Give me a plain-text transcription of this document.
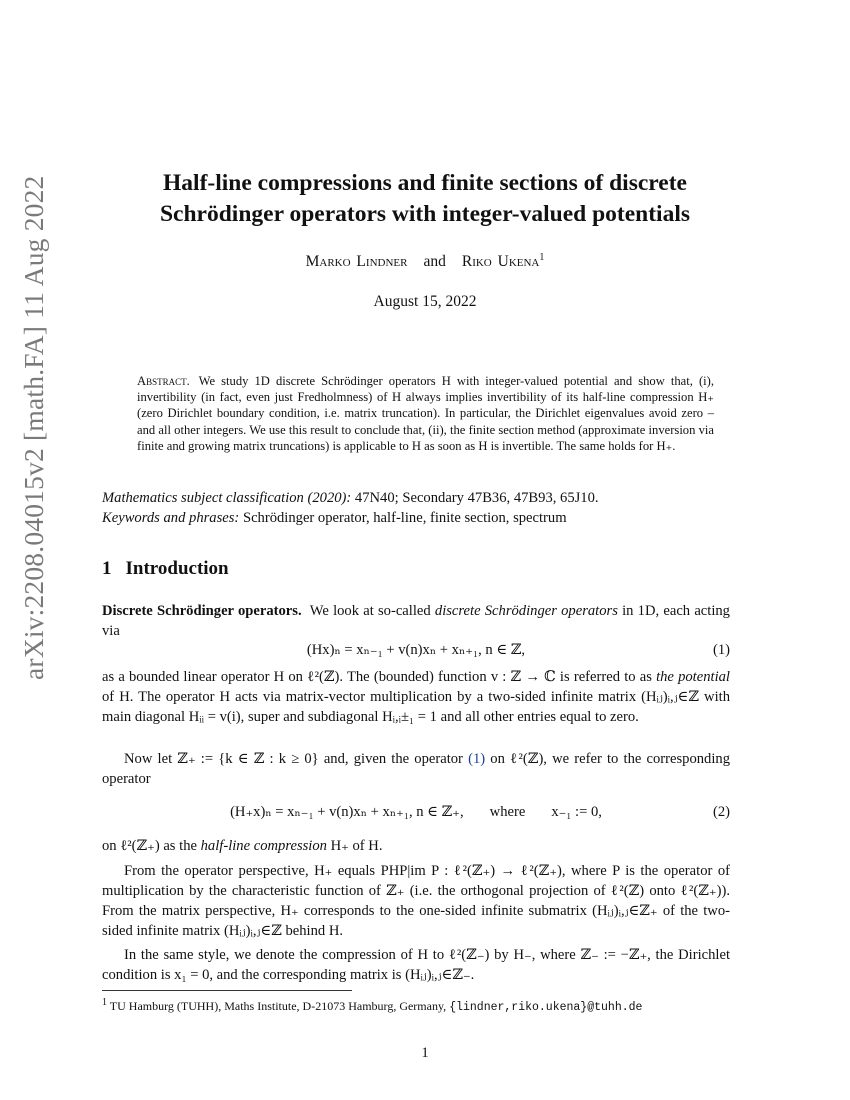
arXiv:2208.04015v2 [math.FA] 11 Aug 2022	Half-line compressions and finite sections of discrete
Schrödinger operators with integer-valued potentials
Marko Lindner and Riko Ukena$^1$
August 15, 2022
Abstract. We study 1D discrete Schrödinger operators H with integer-valued potential and show that, (i), invertibility (in fact, even just Fredholmness) of H always implies invertibility of its half-line compression H₊ (zero Dirichlet boundary condition, i.e. matrix truncation). In particular, the Dirichlet eigenvalues avoid zero – and all other integers. We use this result to conclude that, (ii), the finite section method (approximate inversion via finite and growing matrix truncations) is applicable to H as soon as H is invertible. The same holds for H₊.
Mathematics subject classification (2020): 47N40; Secondary 47B36, 47B93, 65J10.
Keywords and phrases: Schrödinger operator, half-line, finite section, spectrum
1 Introduction

Discrete Schrödinger operators. We look at so-called discrete Schrödinger operators in 1D, each acting via

(Hx)ₙ = xₙ₋₁ + v(n)xₙ + xₙ₊₁, n ∈ ℤ,	(1)

as a bounded linear operator H on ℓ²(ℤ). The (bounded) function v : ℤ → ℂ is referred to as the potential of H. The operator H acts via matrix-vector multiplication by a two-sided infinite matrix (Hᵢⱼ)ᵢ,ⱼ∈ℤ with main diagonal Hᵢᵢ = v(i), super and subdiagonal Hᵢ,ᵢ±₁ = 1 and all other entries equal to zero.

Now let ℤ₊ := {k ∈ ℤ : k ≥ 0} and, given the operator (1) on ℓ²(ℤ), we refer to the corresponding operator

(H₊x)ₙ = xₙ₋₁ + v(n)xₙ + xₙ₊₁, n ∈ ℤ₊, where x₋₁ := 0,	(2)

on ℓ²(ℤ₊) as the half-line compression H₊ of H.

From the operator perspective, H₊ equals PHP|im P : ℓ²(ℤ₊) → ℓ²(ℤ₊), where P is the operator of multiplication by the characteristic function of ℤ₊ (i.e. the orthogonal projection of ℓ²(ℤ) onto ℓ²(ℤ₊)). From the matrix perspective, H₊ corresponds to the one-sided infinite submatrix (Hᵢⱼ)ᵢ,ⱼ∈ℤ₊ of the two-sided infinite matrix (Hᵢⱼ)ᵢ,ⱼ∈ℤ behind H.

In the same style, we denote the compression of H to ℓ²(ℤ₋) by H₋, where ℤ₋ := −ℤ₊, the Dirichlet condition is x₁ = 0, and the corresponding matrix is (Hᵢⱼ)ᵢ,ⱼ∈ℤ₋.

$^1$ TU Hamburg (TUHH), Maths Institute, D-21073 Hamburg, Germany, {lindner,riko.ukena}@tuhh.de
1
